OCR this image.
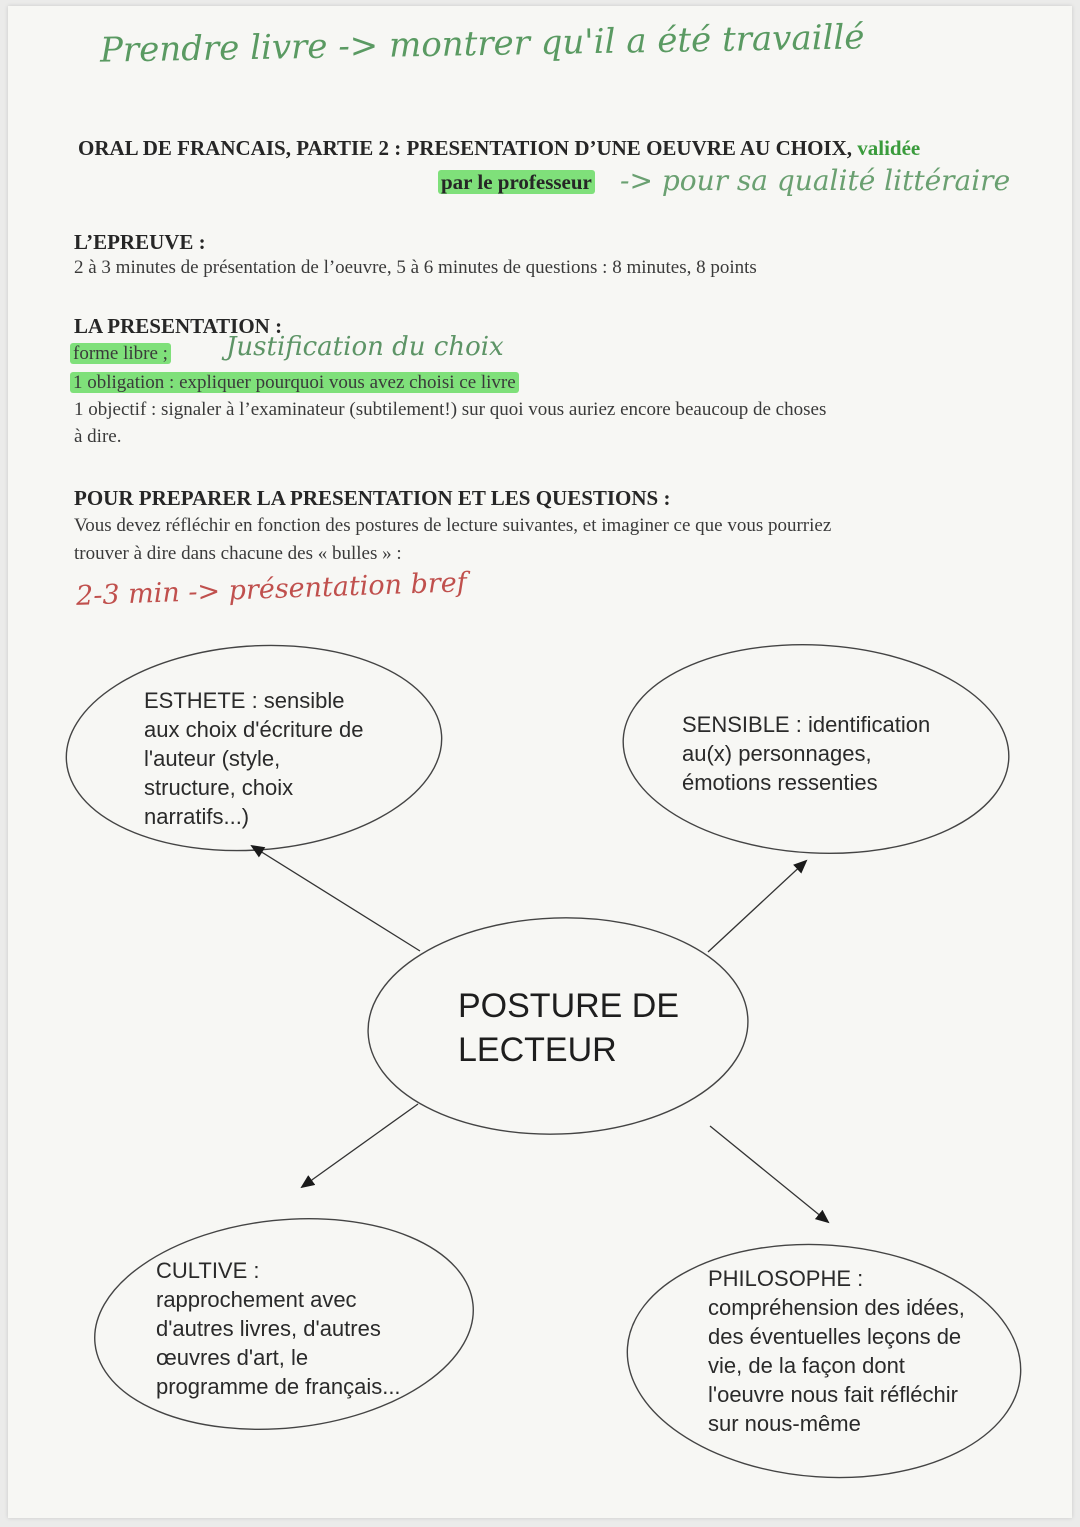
Prendre livre -> montrer qu'il a été travaillé
ORAL DE FRANCAIS, PARTIE 2 : PRESENTATION D’UNE OEUVRE AU CHOIX, validée
par le professeur -> pour sa qualité littéraire
L’EPREUVE :
2 à 3 minutes de présentation de l’oeuvre, 5 à 6 minutes de questions : 8 minutes, 8 points
LA PRESENTATION :
forme libre ; Justification du choix
1 obligation : expliquer pourquoi vous avez choisi ce livre
1 objectif : signaler à l’examinateur (subtilement!) sur quoi vous auriez encore beaucoup de choses
à dire.
POUR PREPARER LA PRESENTATION ET LES QUESTIONS :
Vous devez réfléchir en fonction des postures de lecture suivantes, et imaginer ce que vous pourriez
trouver à dire dans chacune des « bulles » :
2-3 min -> présentation bref
ESTHETE : sensible
aux choix d'écriture de
l'auteur (style,
structure, choix
narratifs...)
SENSIBLE : identification
au(x) personnages,
émotions ressenties
POSTURE DE
LECTEUR
CULTIVE :
rapprochement avec
d'autres livres, d'autres
œuvres d'art, le
programme de français...
PHILOSOPHE :
compréhension des idées,
des éventuelles leçons de
vie, de la façon dont
l'oeuvre nous fait réfléchir
sur nous-même
